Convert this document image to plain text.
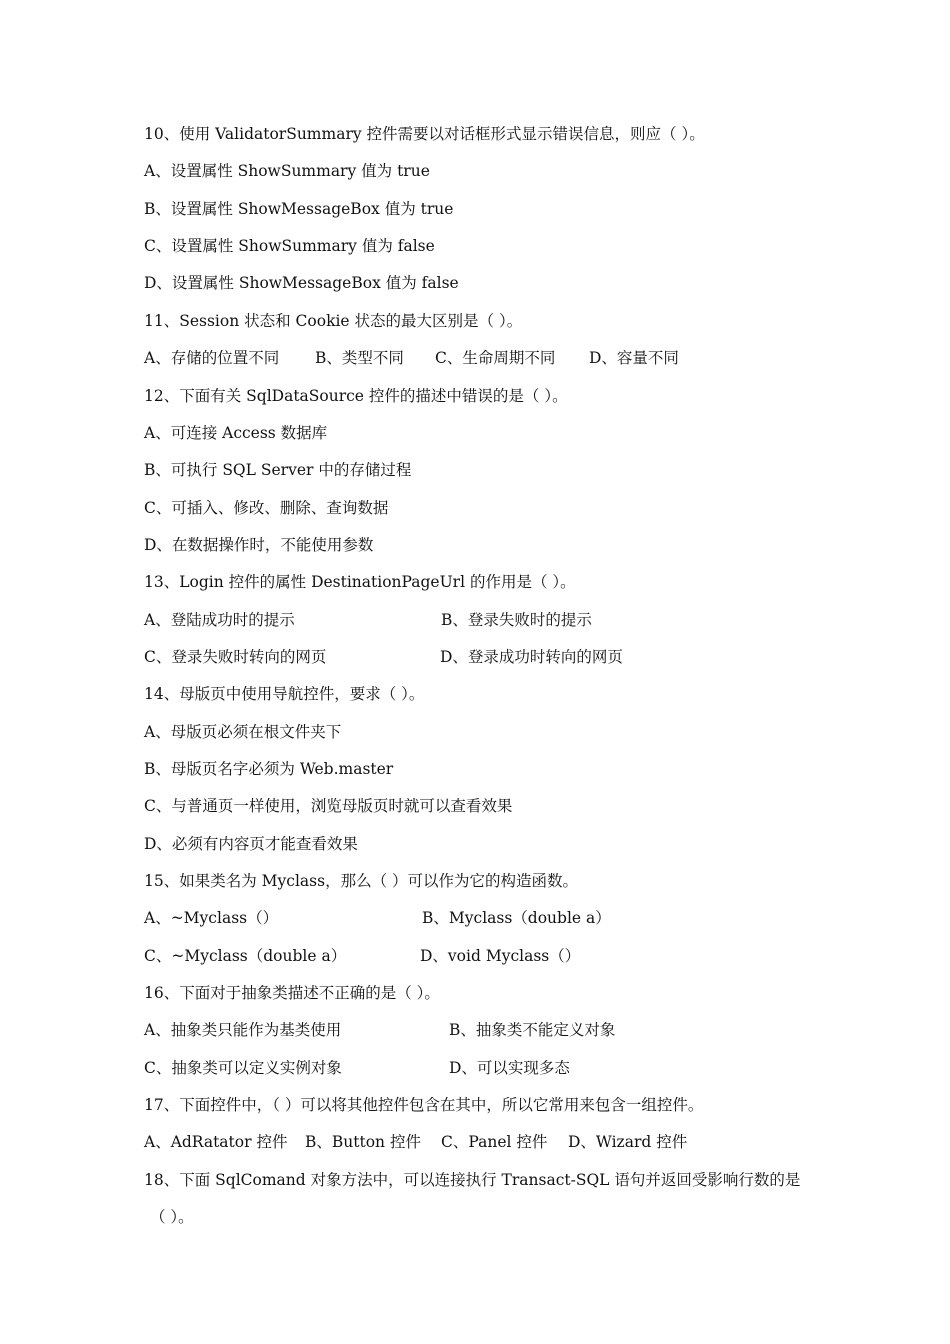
10、使用 ValidatorSummary 控件需要以对话框形式显示错误信息，则应（ ）。
A、设置属性 ShowSummary 值为 true
B、设置属性 ShowMessageBox 值为 true
C、设置属性 ShowSummary 值为 false
D、设置属性 ShowMessageBox 值为 false
11、Session 状态和 Cookie 状态的最大区别是（ ）。
A、存储的位置不同 B、类型不同 C、生命周期不同 D、容量不同
12、下面有关 SqlDataSource 控件的描述中错误的是（ ）。
A、可连接 Access 数据库
B、可执行 SQL Server 中的存储过程
C、可插入、修改、删除、查询数据
D、在数据操作时，不能使用参数
13、Login 控件的属性 DestinationPageUrl 的作用是（ ）。
A、登陆成功时的提示	B、登录失败时的提示
C、登录失败时转向的网页	D、登录成功时转向的网页
14、母版页中使用导航控件，要求（ ）。
A、母版页必须在根文件夹下
B、母版页名字必须为 Web.master
C、与普通页一样使用，浏览母版页时就可以查看效果
D、必须有内容页才能查看效果
15、如果类名为 Myclass，那么（ ）可以作为它的构造函数。
A、~Myclass（）	B、Myclass（double a）
C、~Myclass（double a）	D、void Myclass（）
16、下面对于抽象类描述不正确的是（ ）。
A、抽象类只能作为基类使用	B、抽象类不能定义对象
C、抽象类可以定义实例对象	D、可以实现多态
17、下面控件中，（ ）可以将其他控件包含在其中，所以它常用来包含一组控件。
A、AdRatator 控件 B、Button 控件 C、Panel 控件 D、Wizard 控件
18、下面 SqlComand 对象方法中，可以连接执行 Transact-SQL 语句并返回受影响行数的是
（ ）。
